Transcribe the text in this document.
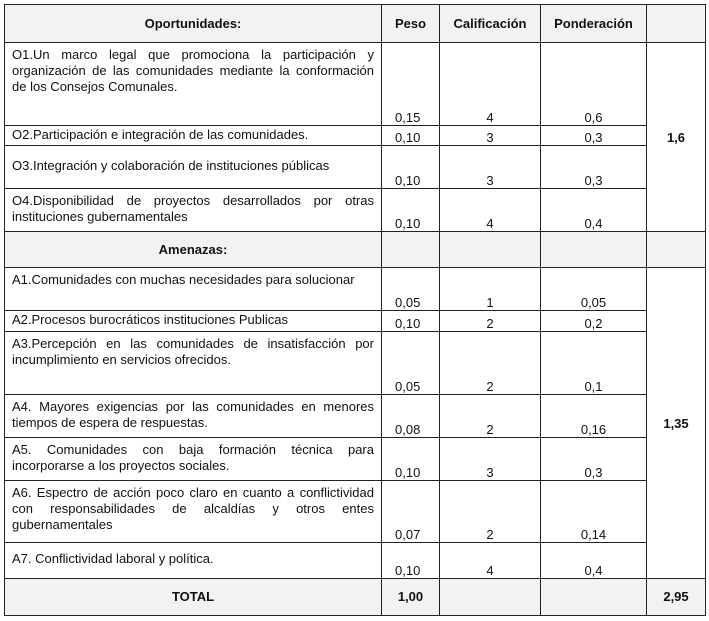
Oportunidades:	Peso	Calificación	Ponderación	
O1.Un marco legal que promociona la participación y organización de las comunidades mediante la conformación de los Consejos Comunales.	0,15	4	0,6	1,6
O2.Participación e integración de las comunidades.	0,10	3	0,3	
O3.Integración y colaboración de instituciones públicas	0,10	3	0,3	
O4.Disponibilidad de proyectos desarrollados por otras instituciones gubernamentales	0,10	4	0,4	
Amenazas:				
A1.Comunidades con muchas necesidades para solucionar	0,05	1	0,05	1,35
A2.Procesos burocráticos instituciones Publicas	0,10	2	0,2	
A3.Percepción en las comunidades de insatisfacción por incumplimiento en servicios ofrecidos.	0,05	2	0,1	
A4. Mayores exigencias por las comunidades en menores tiempos de espera de respuestas.	0,08	2	0,16	
A5. Comunidades con baja formación técnica para incorporarse a los proyectos sociales.	0,10	3	0,3	
A6. Espectro de acción poco claro en cuanto a conflictividad con responsabilidades de alcaldías y otros entes gubernamentales	0,07	2	0,14	
A7. Conflictividad laboral y política.	0,10	4	0,4	
TOTAL	1,00			2,95
